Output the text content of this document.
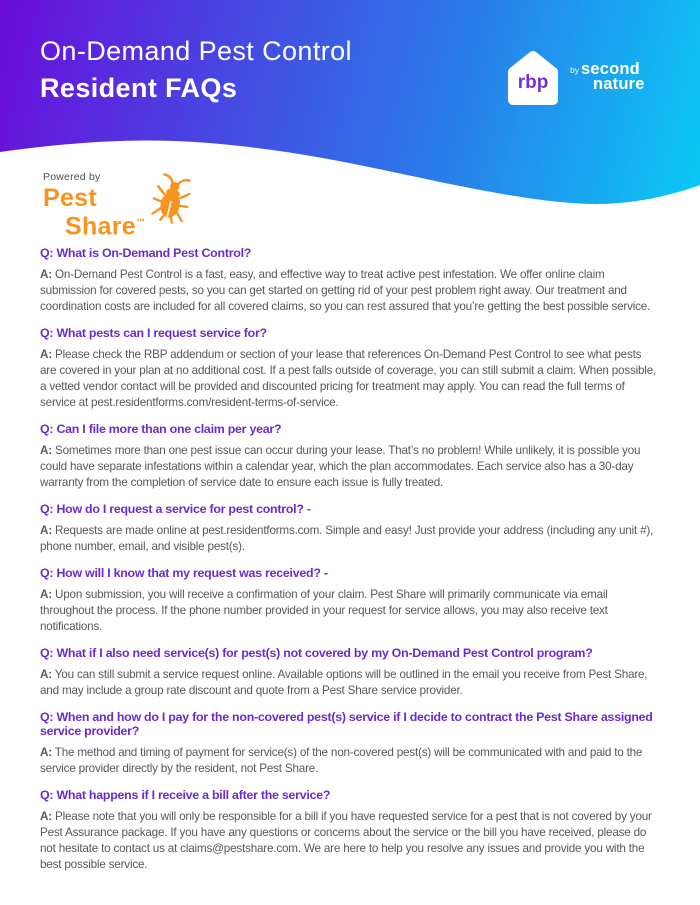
On-Demand Pest Control
Resident FAQs	rbp
by second
nature
Powered by
Pest
Share™
Q: What is On-Demand Pest Control?

A: On-Demand Pest Control is a fast, easy, and effective way to treat active pest infestation. We offer online claim submission for covered pests, so you can get started on getting rid of your pest problem right away. Our treatment and coordination costs are included for all covered claims, so you can rest assured that you’re getting the best possible service.

Q: What pests can I request service for?

A: Please check the RBP addendum or section of your lease that references On-Demand Pest Control to see what pests are covered in your plan at no additional cost. If a pest falls outside of coverage, you can still submit a claim. When possible, a vetted vendor contact will be provided and discounted pricing for treatment may apply. You can read the full terms of service at pest.residentforms.com/resident-terms-of-service.

Q: Can I file more than one claim per year?

A: Sometimes more than one pest issue can occur during your lease. That’s no problem! While unlikely, it is possible you could have separate infestations within a calendar year, which the plan accommodates. Each service also has a 30-day warranty from the completion of service date to ensure each issue is fully treated.

Q: How do I request a service for pest control? -

A: Requests are made online at pest.residentforms.com. Simple and easy! Just provide your address (including any unit #), phone number, email, and visible pest(s).

Q: How will I know that my request was received? -

A: Upon submission, you will receive a confirmation of your claim. Pest Share will primarily communicate via email throughout the process. If the phone number provided in your request for service allows, you may also receive text notifications.

Q: What if I also need service(s) for pest(s) not covered by my On-Demand Pest Control program?

A: You can still submit a service request online. Available options will be outlined in the email you receive from Pest Share, and may include a group rate discount and quote from a Pest Share service provider.

Q: When and how do I pay for the non-covered pest(s) service if I decide to contract the Pest Share assigned service provider?

A: The method and timing of payment for service(s) of the non-covered pest(s) will be communicated with and paid to the service provider directly by the resident, not Pest Share.

Q: What happens if I receive a bill after the service?

A: Please note that you will only be responsible for a bill if you have requested service for a pest that is not covered by your Pest Assurance package. If you have any questions or concerns about the service or the bill you have received, please do not hesitate to contact us at claims@pestshare.com. We are here to help you resolve any issues and provide you with the best possible service.
